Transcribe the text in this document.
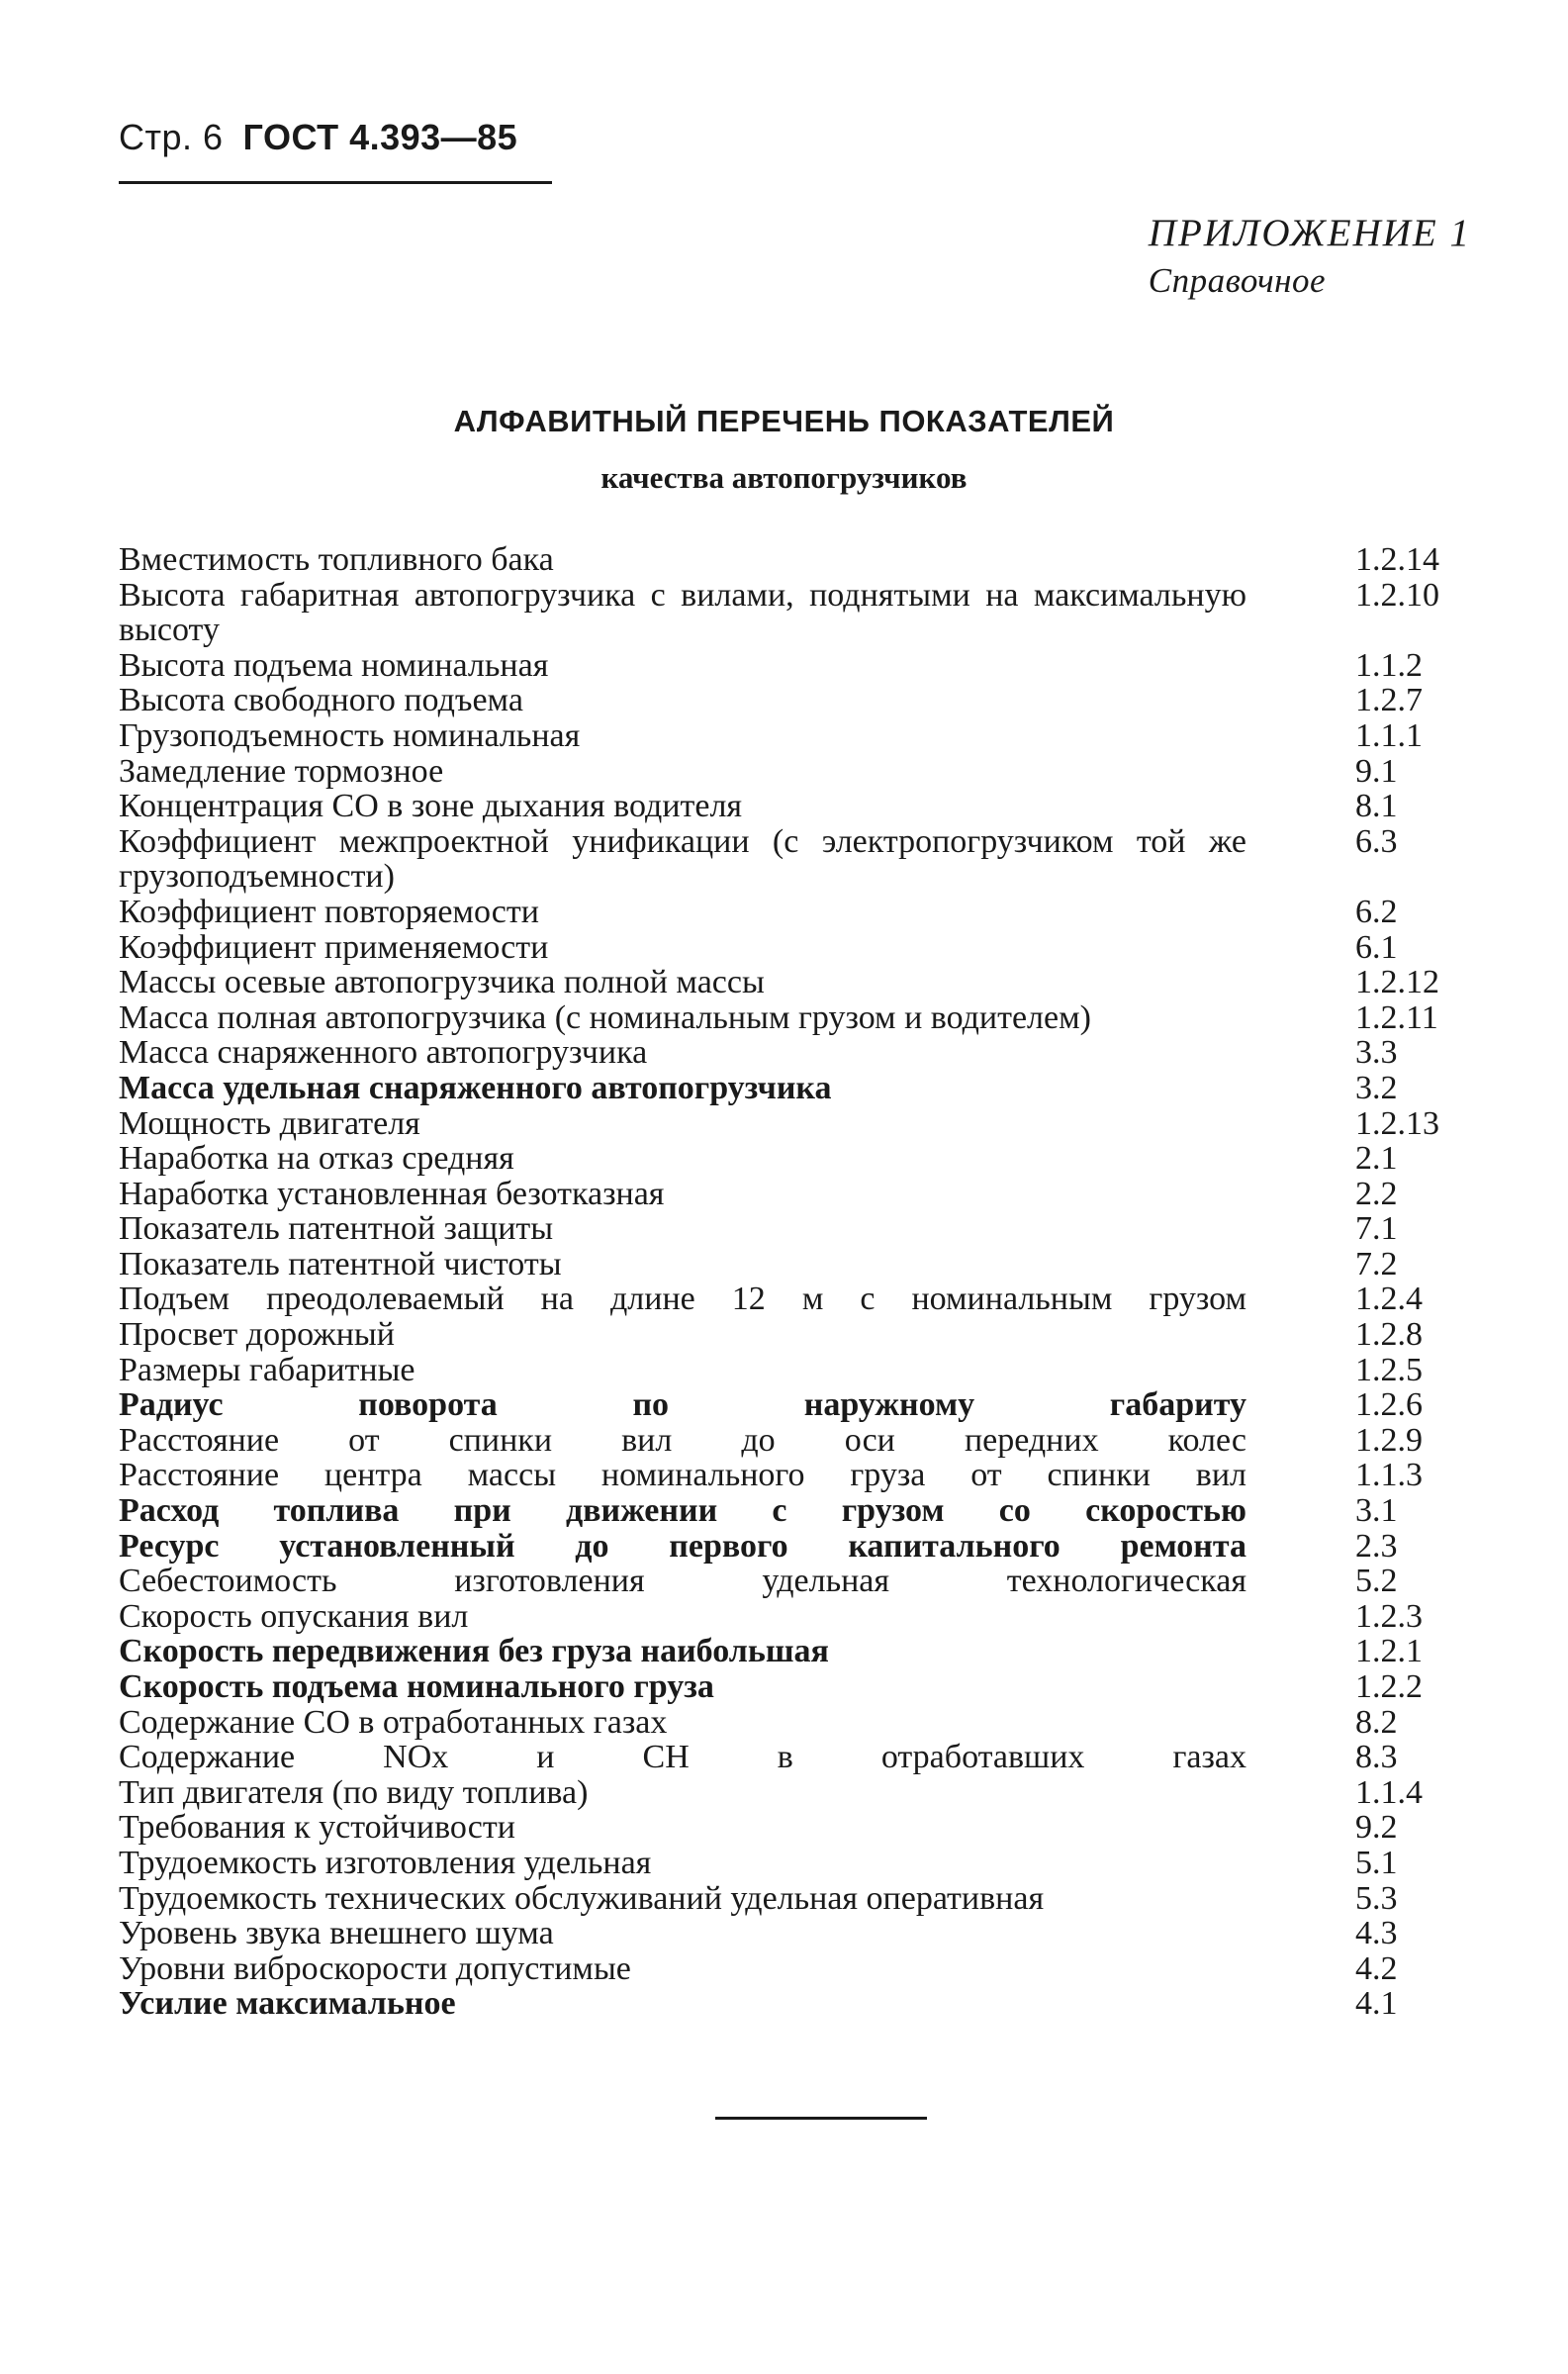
Стр. 6 ГОСТ 4.393—85
ПРИЛОЖЕНИЕ 1
Справочное
АЛФАВИТНЫЙ ПЕРЕЧЕНЬ ПОКАЗАТЕЛЕЙ
качества автопогрузчиков
Вместимость топливного бака	1.2.14
Высота габаритная автопогрузчика с вилами, поднятыми на максимальную высоту
1.2.10
Высота подъема номинальная	1.1.2
Высота свободного подъема	1.2.7
Грузоподъемность номинальная	1.1.1
Замедление тормозное	9.1
Концентрация СО в зоне дыхания водителя	8.1
Коэффициент межпроектной унификации (с электропогрузчиком той же грузоподъемности)
6.3
Коэффициент повторяемости	6.2
Коэффициент применяемости	6.1
Массы осевые автопогрузчика полной массы	1.2.12
Масса полная автопогрузчика (с номинальным грузом и водителем)	1.2.11
Масса снаряженного автопогрузчика	3.3
Масса удельная снаряженного автопогрузчика	3.2
Мощность двигателя	1.2.13
Наработка на отказ средняя	2.1
Наработка установленная безотказная	2.2
Показатель патентной защиты	7.1
Показатель патентной чистоты	7.2
Подъем преодолеваемый на длине 12 м с номинальным грузом	1.2.4
Просвет дорожный	1.2.8
Размеры габаритные	1.2.5
Радиус поворота по наружному габариту	1.2.6
Расстояние от спинки вил до оси передних колес	1.2.9
Расстояние центра массы номинального груза от спинки вил	1.1.3
Расход топлива при движении с грузом со скоростью	3.1
Ресурс установленный до первого капитального ремонта	2.3
Себестоимость изготовления удельная технологическая	5.2
Скорость опускания вил	1.2.3
Скорость передвижения без груза наибольшая	1.2.1
Скорость подъема номинального груза	1.2.2
Содержание СО в отработанных газах	8.2
Содержание NOx и СН в отработавших газах	8.3
Тип двигателя (по виду топлива)	1.1.4
Требования к устойчивости	9.2
Трудоемкость изготовления удельная	5.1
Трудоемкость технических обслуживаний удельная оперативная	5.3
Уровень звука внешнего шума	4.3
Уровни виброскорости допустимые	4.2
Усилие максимальное	4.1
